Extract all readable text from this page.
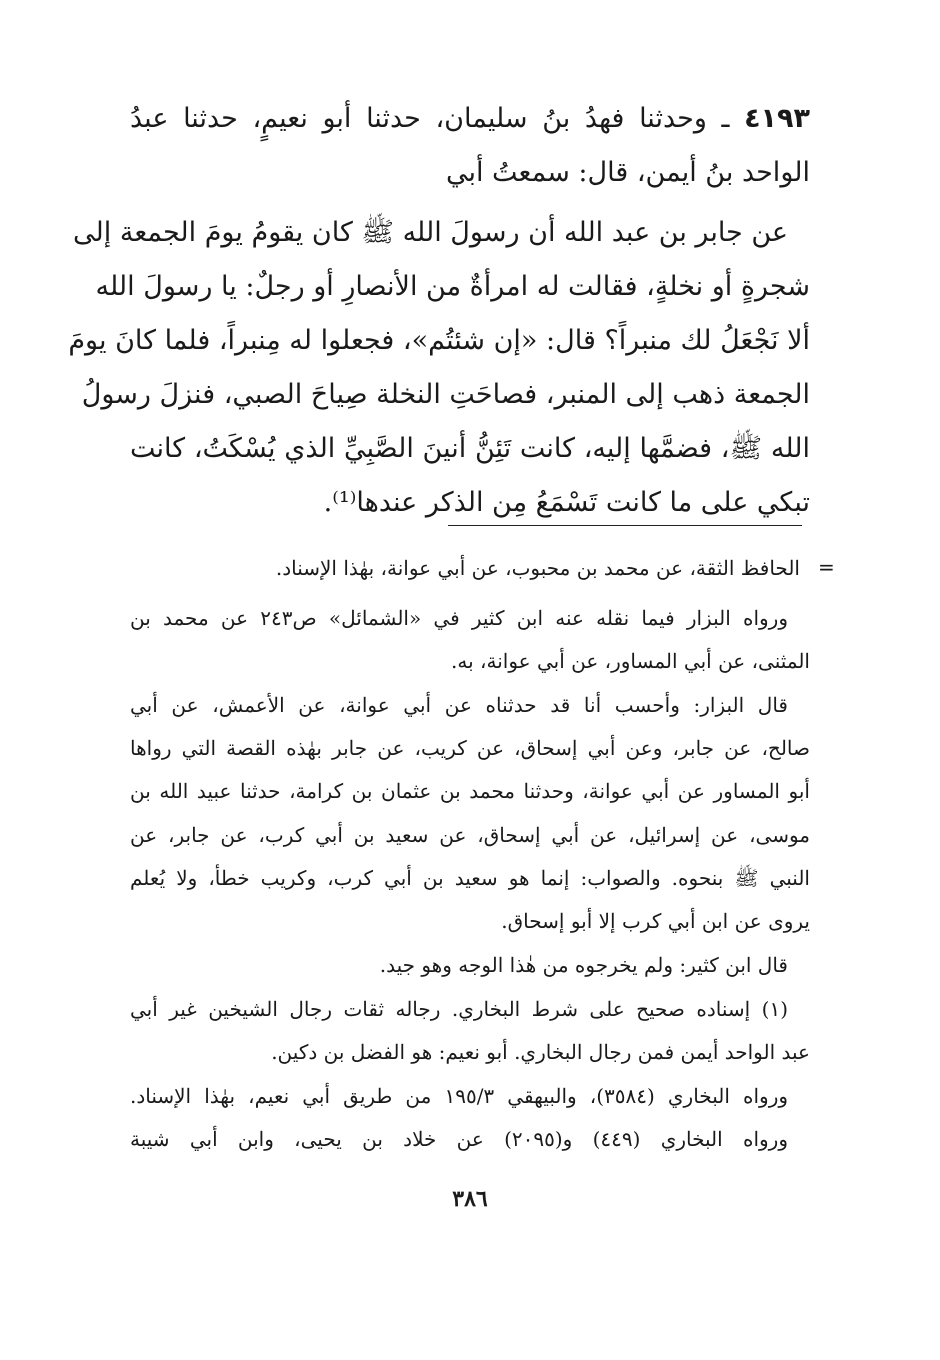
٤١٩٣ ـ وحدثنا فهدُ بنُ سليمان، حدثنا أبو نعيمٍ، حدثنا عبدُ
الواحد بنُ أيمن، قال: سمعتُ أبي
عن جابر بن عبد الله أن رسولَ الله ﷺ كان يقومُ يومَ الجمعة إلى
شجرةٍ أو نخلةٍ، فقالت له امرأةٌ من الأنصارِ أو رجلٌ: يا رسولَ الله
ألا نَجْعَلُ لك منبراً؟ قال: «إن شئتُم»، فجعلوا له مِنبراً، فلما كانَ يومَ
الجمعة ذهب إلى المنبر، فصاحَتِ النخلة صِياحَ الصبي، فنزلَ رسولُ
الله ﷺ، فضمَّها إليه، كانت تَئِنُّ أنينَ الصَّبِيِّ الذي يُسْكَتُ، كانت
تبكي على ما كانت تَسْمَعُ مِن الذكر عندها⁽¹⁾.
=
الحافظ الثقة، عن محمد بن محبوب، عن أبي عوانة، بهٰذا الإسناد.
ورواه البزار فيما نقله عنه ابن كثير في «الشمائل» ص٢٤٣ عن محمد بن
المثنى، عن أبي المساور، عن أبي عوانة، به.
قال البزار: وأحسب أنا قد حدثناه عن أبي عوانة، عن الأعمش، عن أبي
صالح، عن جابر، وعن أبي إسحاق، عن كريب، عن جابر بهٰذه القصة التي رواها
أبو المساور عن أبي عوانة، وحدثنا محمد بن عثمان بن كرامة، حدثنا عبيد الله بن
موسى، عن إسرائيل، عن أبي إسحاق، عن سعيد بن أبي كرب، عن جابر، عن
النبي ﷺ بنحوه. والصواب: إنما هو سعيد بن أبي كرب، وكريب خطأ، ولا يُعلم
يروى عن ابن أبي كرب إلا أبو إسحاق.
قال ابن كثير: ولم يخرجوه من هٰذا الوجه وهو جيد.
(١) إسناده صحيح على شرط البخاري. رجاله ثقات رجال الشيخين غير أبي
عبد الواحد أيمن فمن رجال البخاري. أبو نعيم: هو الفضل بن دكين.
ورواه البخاري (٣٥٨٤)، والبيهقي ١٩٥/٣ من طريق أبي نعيم، بهٰذا الإسناد.
ورواه البخاري (٤٤٩) و(٢٠٩٥) عن خلاد بن يحيى، وابن أبي شيبة
٣٨٦
